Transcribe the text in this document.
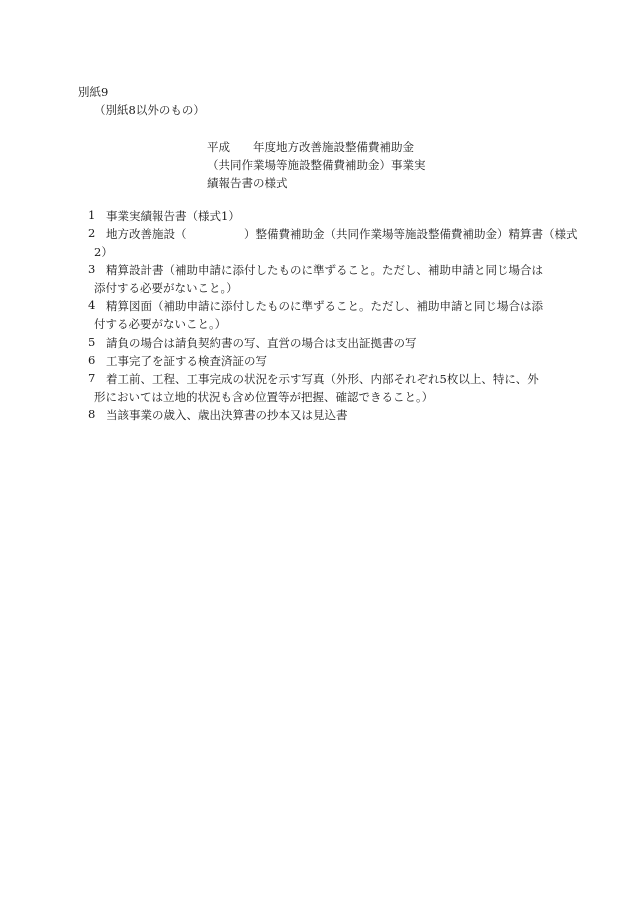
別紙9
（別紙8以外のもの）
平成　　年度地方改善施設整備費補助金
（共同作業場等施設整備費補助金）事業実
績報告書の様式
1 事業実績報告書（様式1）
2 地方改善施設（　　　　　）整備費補助金（共同作業場等施設整備費補助金）精算書（様式
2）
3 精算設計書（補助申請に添付したものに準ずること。ただし、補助申請と同じ場合は
添付する必要がないこと。）
4 精算図面（補助申請に添付したものに準ずること。ただし、補助申請と同じ場合は添
付する必要がないこと。）
5 請負の場合は請負契約書の写、直営の場合は支出証拠書の写
6 工事完了を証する検査済証の写
7 着工前、工程、工事完成の状況を示す写真（外形、内部それぞれ5枚以上、特に、外
形においては立地的状況も含め位置等が把握、確認できること。）
8 当該事業の歳入、歳出決算書の抄本又は見込書
